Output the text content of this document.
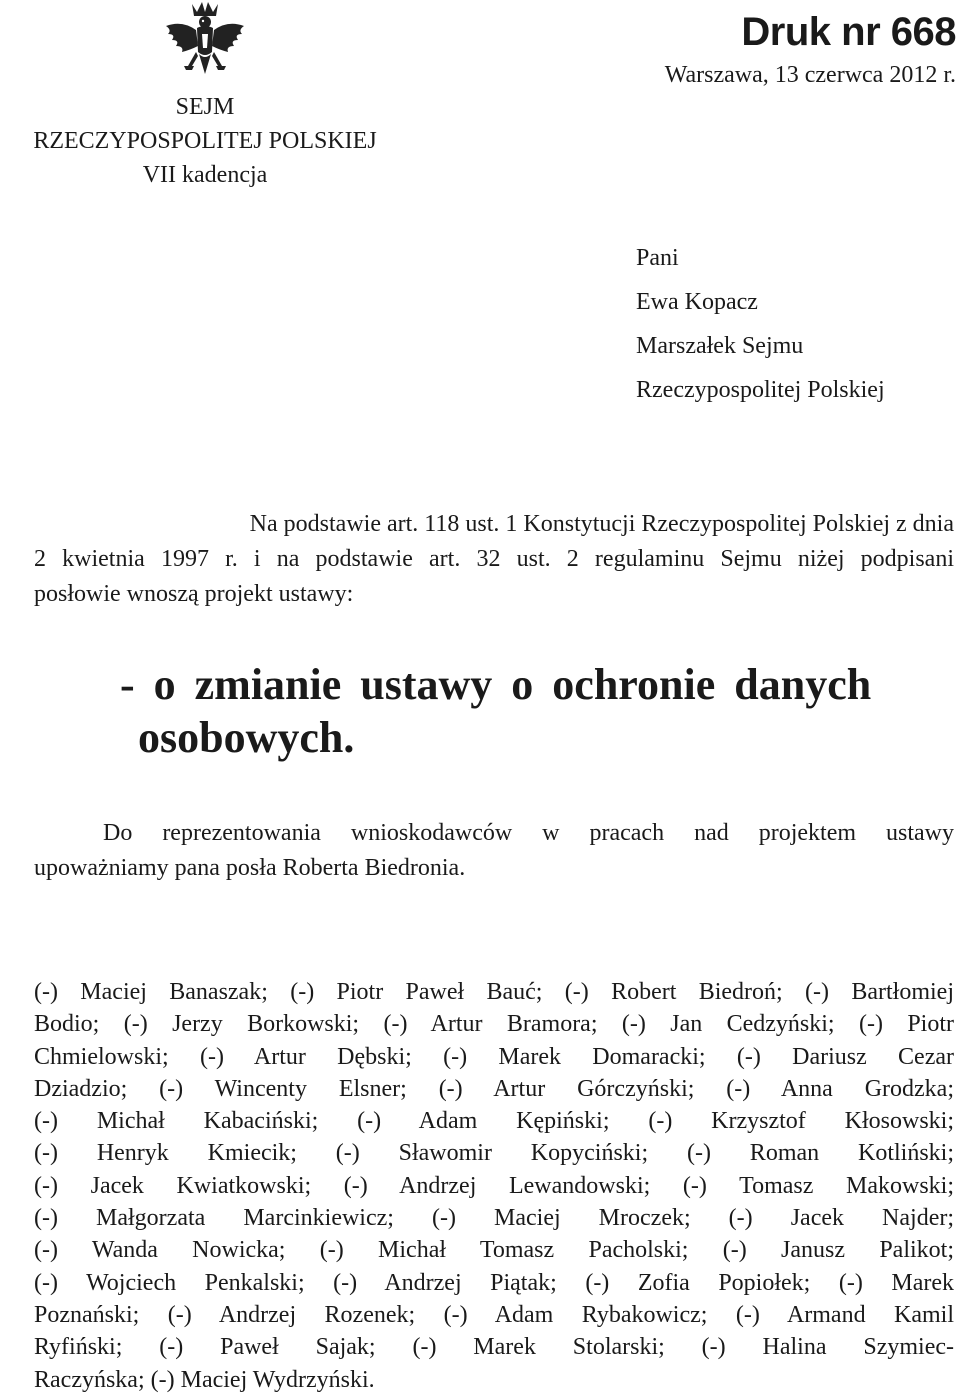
SEJM
RZECZYPOSPOLITEJ POLSKIEJ
VII kadencja
Druk nr 668
Warszawa, 13 czerwca 2012 r.
Pani
Ewa Kopacz
Marszałek Sejmu
Rzeczypospolitej Polskiej
Na podstawie art. 118 ust. 1 Konstytucji Rzeczypospolitej Polskiej z dnia
2 kwietnia 1997 r. i na podstawie art. 32 ust. 2 regulaminu Sejmu niżej podpisani
posłowie wnoszą projekt ustawy:
- o zmianie ustawy o ochronie danych
osobowych.
Do reprezentowania wnioskodawców w pracach nad projektem ustawy
upoważniamy pana posła Roberta Biedronia.
(-) Maciej Banaszak; (-) Piotr Paweł Bauć; (-) Robert Biedroń; (-) Bartłomiej
Bodio; (-) Jerzy Borkowski; (-) Artur Bramora; (-) Jan Cedzyński; (-) Piotr
Chmielowski; (-) Artur Dębski; (-) Marek Domaracki; (-) Dariusz Cezar
Dziadzio; (-) Wincenty Elsner; (-) Artur Górczyński; (-) Anna Grodzka;
(-) Michał Kabaciński; (-) Adam Kępiński; (-) Krzysztof Kłosowski;
(-) Henryk Kmiecik; (-) Sławomir Kopyciński; (-) Roman Kotliński;
(-) Jacek Kwiatkowski; (-) Andrzej Lewandowski; (-) Tomasz Makowski;
(-) Małgorzata Marcinkiewicz; (-) Maciej Mroczek; (-) Jacek Najder;
(-) Wanda Nowicka; (-) Michał Tomasz Pacholski; (-) Janusz Palikot;
(-) Wojciech Penkalski; (-) Andrzej Piątak; (-) Zofia Popiołek; (-) Marek
Poznański; (-) Andrzej Rozenek; (-) Adam Rybakowicz; (-) Armand Kamil
Ryfiński; (-) Paweł Sajak; (-) Marek Stolarski; (-) Halina Szymiec-
Raczyńska; (-) Maciej Wydrzyński.
